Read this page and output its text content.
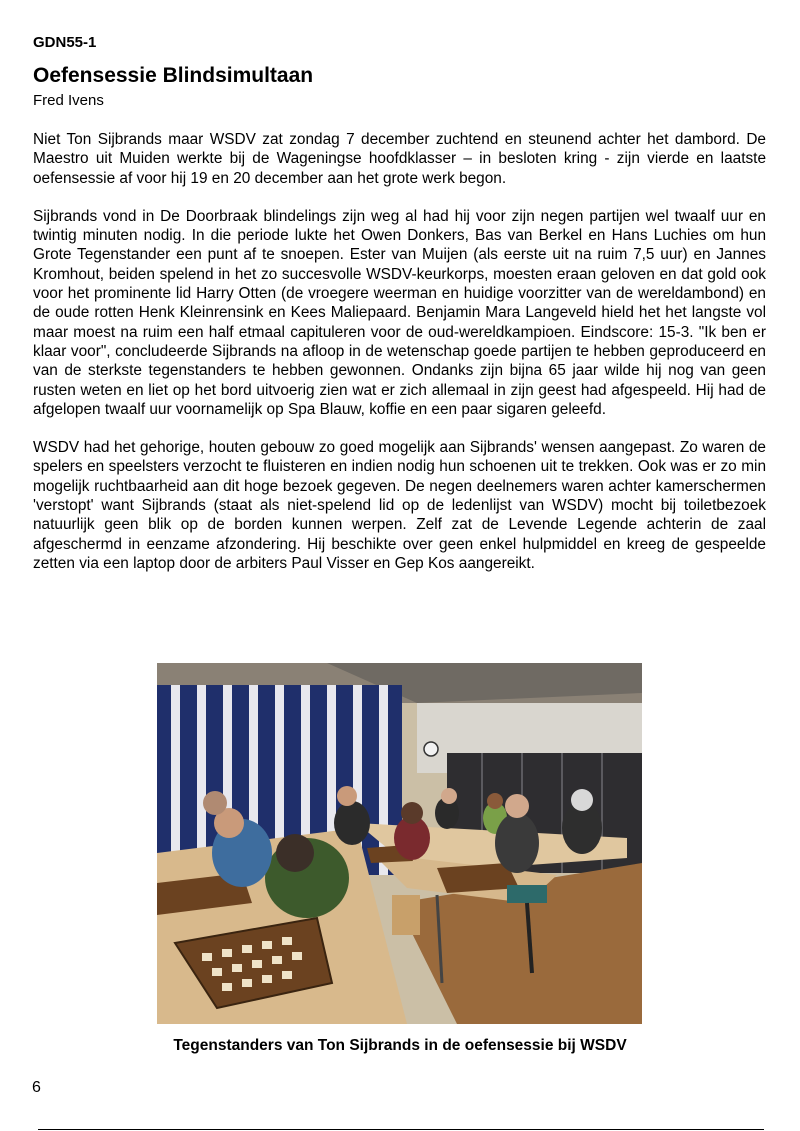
GDN55-1
Oefensessie Blindsimultaan
Fred Ivens

Niet Ton Sijbrands maar WSDV zat zondag 7 december zuchtend en steunend achter het dambord. De Maestro uit Muiden werkte bij de Wageningse hoofdklasser – in besloten kring - zijn vierde en laatste oefensessie af voor hij 19 en 20 december aan het grote werk begon.

Sijbrands vond in De Doorbraak blindelings zijn weg al had hij voor zijn negen partijen wel twaalf uur en twintig minuten nodig. In die periode lukte het Owen Donkers, Bas van Berkel en Hans Luchies om hun Grote Tegenstander een punt af te snoepen. Ester van Muijen (als eerste uit na ruim 7,5 uur) en Jannes Kromhout, beiden spelend in het zo succesvolle WSDV-keurkorps, moesten eraan geloven en dat gold ook voor het prominente lid Harry Otten (de vroegere weerman en huidige voorzitter van de wereldambond) en de oude rotten Henk Kleinrensink en Kees Maliepaard. Benjamin Mara Langeveld hield het het langste vol maar moest na ruim een half etmaal capituleren voor de oud-wereldkampioen. Eindscore: 15-3. "Ik ben er klaar voor", concludeerde Sijbrands na afloop in de wetenschap goede partijen te hebben geproduceerd en van de sterkste tegenstanders te hebben gewonnen. Ondanks zijn bijna 65 jaar wilde hij nog van geen rusten weten en liet op het bord uitvoerig zien wat er zich allemaal in zijn geest had afgespeeld. Hij had de afgelopen twaalf uur voornamelijk op Spa Blauw, koffie en een paar sigaren geleefd.

WSDV had het gehorige, houten gebouw zo goed mogelijk aan Sijbrands' wensen aangepast. Zo waren de spelers en speelsters verzocht te fluisteren en indien nodig hun schoenen uit te trekken. Ook was er zo min mogelijk ruchtbaarheid aan dit hoge bezoek gegeven. De negen deelnemers waren achter kamerschermen 'verstopt' want Sijbrands (staat als niet-spelend lid op de ledenlijst van WSDV) mocht bij toiletbezoek natuurlijk geen blik op de borden kunnen werpen. Zelf zat de Levende Legende achterin de zaal afgeschermd in eenzame afzondering. Hij beschikte over geen enkel hulpmiddel en kreeg de gespeelde zetten via een laptop door de arbiters Paul Visser en Gep Kos aangereikt.

Tegenstanders van Ton Sijbrands in de oefensessie bij WSDV
6
